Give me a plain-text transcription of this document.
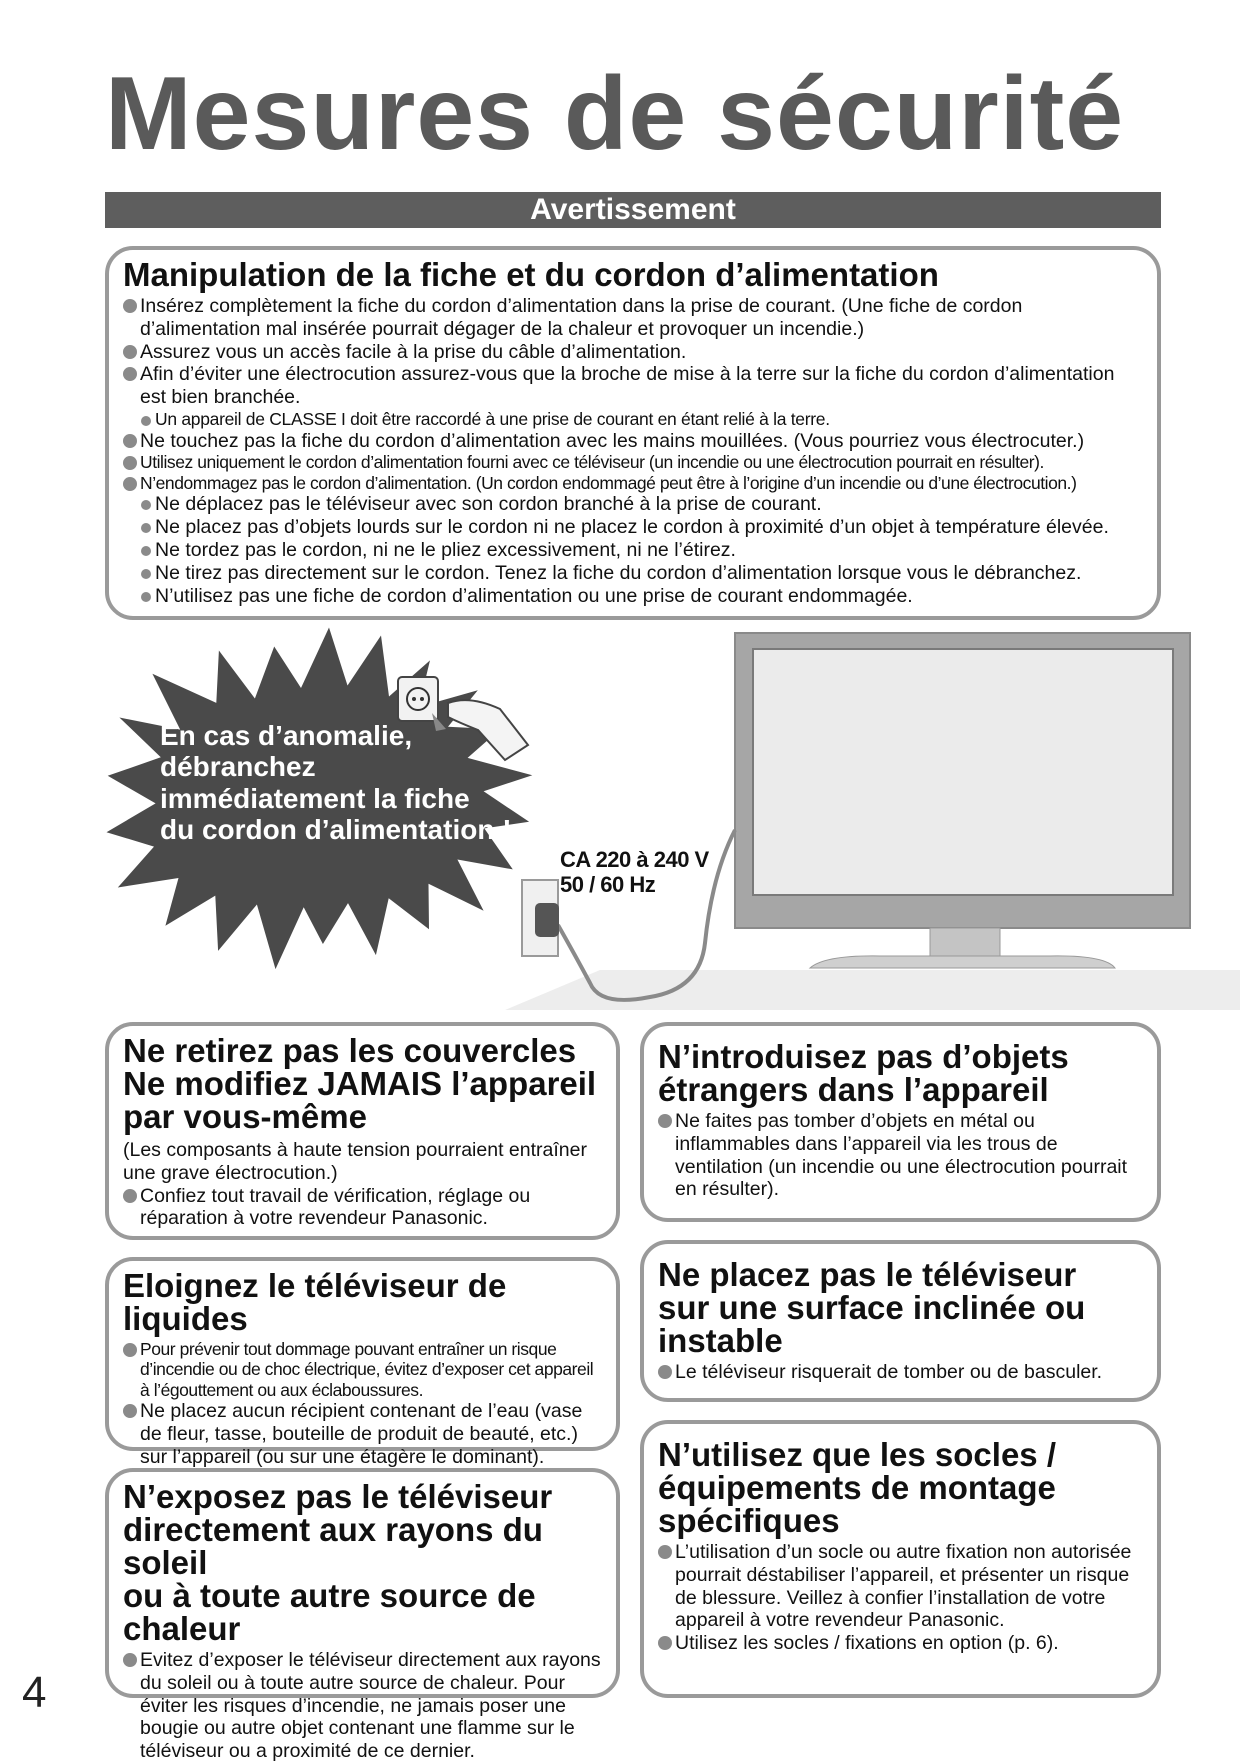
Mesures de sécurité
Avertissement
Manipulation de la fiche et du cordon d’alimentation
Insérez complètement la fiche du cordon d’alimentation dans la prise de courant. (Une fiche de cordon d’alimentation mal insérée pourrait dégager de la chaleur et provoquer un incendie.)
Assurez vous un accès facile à la prise du câble d’alimentation.
Afin d’éviter une électrocution assurez-vous que la broche de mise à la terre sur la fiche du cordon d’alimentation est bien branchée.
Un appareil de CLASSE I doit être raccordé à une prise de courant en étant relié à la terre.
Ne touchez pas la fiche du cordon d’alimentation avec les mains mouillées. (Vous pourriez vous électrocuter.)
Utilisez uniquement le cordon d’alimentation fourni avec ce téléviseur (un incendie ou une électrocution pourrait en résulter).
N’endommagez pas le cordon d’alimentation. (Un cordon endommagé peut être à l’origine d’un incendie ou d’une électrocution.)
Ne déplacez pas le téléviseur avec son cordon branché à la prise de courant.
Ne placez pas d’objets lourds sur le cordon ni ne placez le cordon à proximité d’un objet à température élevée.
Ne tordez pas le cordon, ni ne le pliez excessivement, ni ne l’étirez.
Ne tirez pas directement sur le cordon. Tenez la fiche du cordon d’alimentation lorsque vous le débranchez.
N’utilisez pas une fiche de cordon d’alimentation ou une prise de courant endommagée.
En cas d’anomalie,
débranchez
immédiatement la fiche
du cordon d’alimentation !
CA 220 à 240 V
50 / 60 Hz
Ne retirez pas les couvercles
Ne modifiez JAMAIS l’appareil
par vous-même

(Les composants à haute tension pourraient entraîner une grave électrocution.)

Confiez tout travail de vérification, réglage ou réparation à votre revendeur Panasonic.
Eloignez le téléviseur de liquides
Pour prévenir tout dommage pouvant entraîner un risque d’incendie ou de choc électrique, évitez d’exposer cet appareil à l’égouttement ou aux éclaboussures.
Ne placez aucun récipient contenant de l’eau (vase de fleur, tasse, bouteille de produit de beauté, etc.) sur l’appareil (ou sur une étagère le dominant).
N’exposez pas le téléviseur
directement aux rayons du soleil
ou à toute autre source de chaleur
Evitez d’exposer le téléviseur directement aux rayons du soleil ou à toute autre source de chaleur. Pour éviter les risques d’incendie, ne jamais poser une bougie ou autre objet contenant une flamme sur le téléviseur ou a proximité de ce dernier.
N’introduisez pas d’objets
étrangers dans l’appareil
Ne faites pas tomber d’objets en métal ou inflammables dans l’appareil via les trous de ventilation (un incendie ou une électrocution pourrait en résulter).
Ne placez pas le téléviseur
sur une surface inclinée ou
instable
Le téléviseur risquerait de tomber ou de basculer.
N’utilisez que les socles /
équipements de montage
spécifiques
L’utilisation d’un socle ou autre fixation non autorisée pourrait déstabiliser l’appareil, et présenter un risque de blessure. Veillez à confier l’installation de votre appareil à votre revendeur Panasonic.
Utilisez les socles / fixations en option (p. 6).
4
